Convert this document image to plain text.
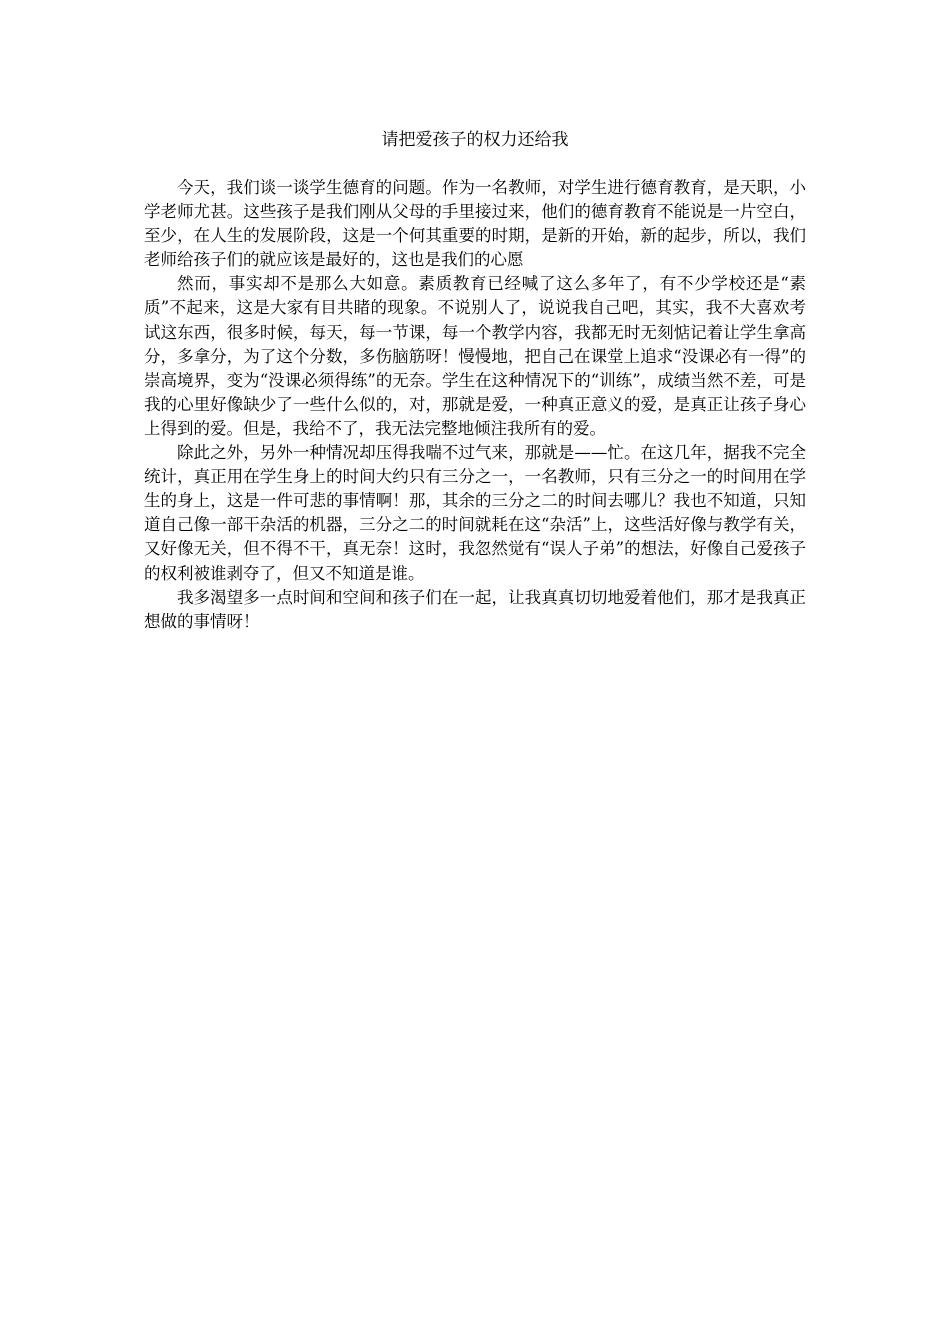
请把爱孩子的权力还给我

今天，我们谈一谈学生德育的问题。作为一名教师，对学生进行德育教育，是天职，小学老师尤甚。这些孩子是我们刚从父母的手里接过来，他们的德育教育不能说是一片空白，至少，在人生的发展阶段，这是一个何其重要的时期，是新的开始，新的起步，所以，我们老师给孩子们的就应该是最好的，这也是我们的心愿

然而，事实却不是那么大如意。素质教育已经喊了这么多年了，有不少学校还是“素质”不起来，这是大家有目共睹的现象。不说别人了，说说我自己吧，其实，我不大喜欢考试这东西，很多时候，每天，每一节课，每一个教学内容，我都无时无刻惦记着让学生拿高分，多拿分，为了这个分数，多伤脑筋呀！慢慢地，把自己在课堂上追求“没课必有一得”的崇高境界，变为“没课必须得练”的无奈。学生在这种情况下的“训练”，成绩当然不差，可是我的心里好像缺少了一些什么似的，对，那就是爱，一种真正意义的爱，是真正让孩子身心上得到的爱。但是，我给不了，我无法完整地倾注我所有的爱。

除此之外，另外一种情况却压得我喘不过气来，那就是——忙。在这几年，据我不完全统计，真正用在学生身上的时间大约只有三分之一，一名教师，只有三分之一的时间用在学生的身上，这是一件可悲的事情啊！那，其余的三分之二的时间去哪儿？我也不知道，只知道自己像一部干杂活的机器，三分之二的时间就耗在这“杂活”上，这些活好像与教学有关，又好像无关，但不得不干，真无奈！这时，我忽然觉有“误人子弟”的想法，好像自己爱孩子的权利被谁剥夺了，但又不知道是谁。

我多渴望多一点时间和空间和孩子们在一起，让我真真切切地爱着他们，那才是我真正想做的事情呀！
